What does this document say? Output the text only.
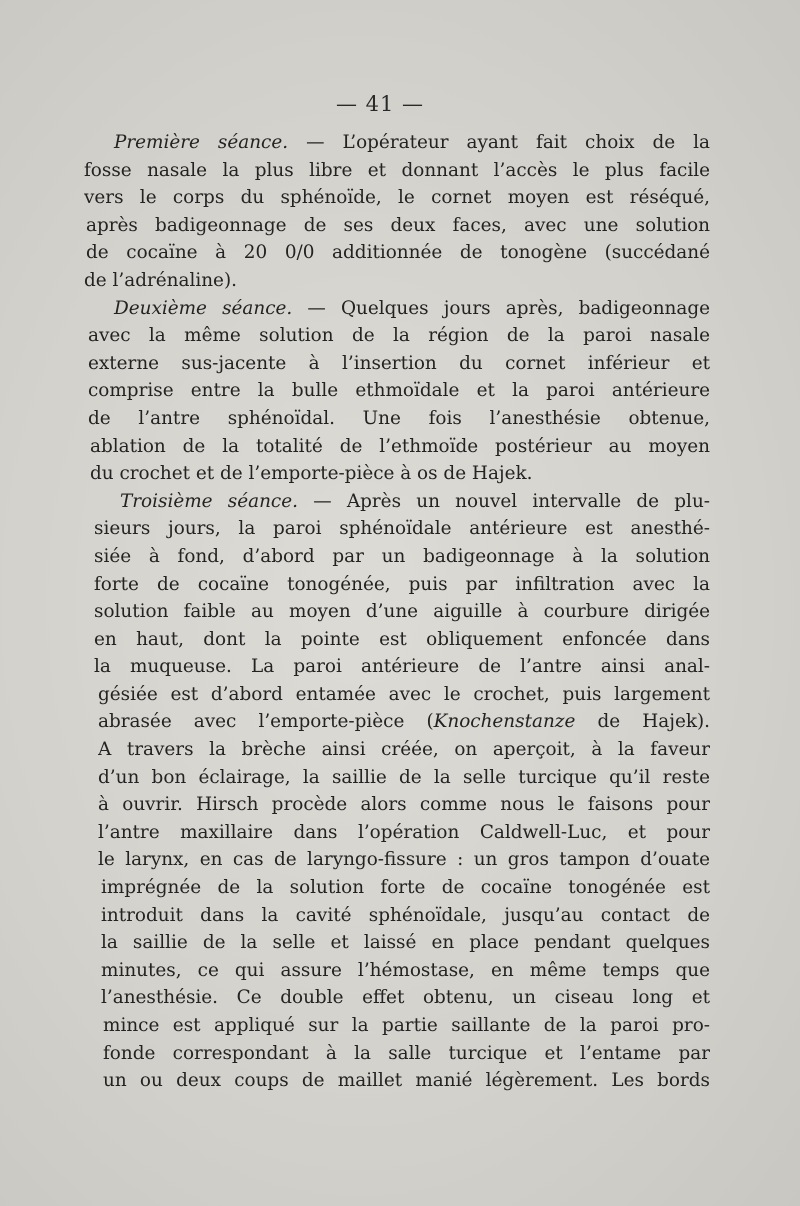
— 41 —
Première séance. — L’opérateur ayant fait choix de la
fosse nasale la plus libre et donnant l’accès le plus facile
vers le corps du sphénoïde, le cornet moyen est réséqué,
après badigeonnage de ses deux faces, avec une solution
de cocaïne à 20 0/0 additionnée de tonogène (succédané
de l’adrénaline).
Deuxième séance. — Quelques jours après, badigeonnage
avec la même solution de la région de la paroi nasale
externe sus-jacente à l’insertion du cornet inférieur et
comprise entre la bulle ethmoïdale et la paroi antérieure
de l’antre sphénoïdal. Une fois l’anesthésie obtenue,
ablation de la totalité de l’ethmoïde postérieur au moyen
du crochet et de l’emporte-pièce à os de Hajek.
Troisième séance. — Après un nouvel intervalle de plu-
sieurs jours, la paroi sphénoïdale antérieure est anesthé-
siée à fond, d’abord par un badigeonnage à la solution
forte de cocaïne tonogénée, puis par infiltration avec la
solution faible au moyen d’une aiguille à courbure dirigée
en haut, dont la pointe est obliquement enfoncée dans
la muqueuse. La paroi antérieure de l’antre ainsi anal-
gésiée est d’abord entamée avec le crochet, puis largement
abrasée avec l’emporte-pièce (Knochenstanze de Hajek).
A travers la brèche ainsi créée, on aperçoit, à la faveur
d’un bon éclairage, la saillie de la selle turcique qu’il reste
à ouvrir. Hirsch procède alors comme nous le faisons pour
l’antre maxillaire dans l’opération Caldwell-Luc, et pour
le larynx, en cas de laryngo-fissure : un gros tampon d’ouate
imprégnée de la solution forte de cocaïne tonogénée est
introduit dans la cavité sphénoïdale, jusqu’au contact de
la saillie de la selle et laissé en place pendant quelques
minutes, ce qui assure l’hémostase, en même temps que
l’anesthésie. Ce double effet obtenu, un ciseau long et
mince est appliqué sur la partie saillante de la paroi pro-
fonde correspondant à la salle turcique et l’entame par
un ou deux coups de maillet manié légèrement. Les bords
